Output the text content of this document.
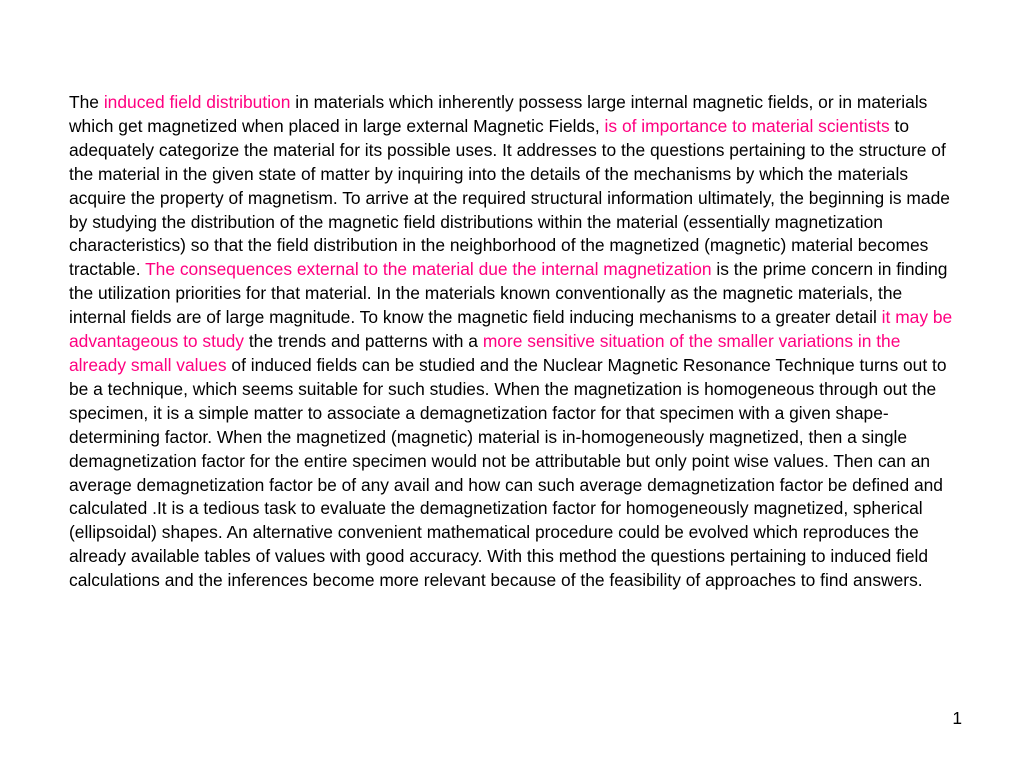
The induced field distribution in materials which inherently possess large internal magnetic fields, or in materials which get magnetized when placed in large external Magnetic Fields, is of importance to material scientists to adequately categorize the material for its possible uses. It addresses to the questions pertaining to the structure of the material in the given state of matter by inquiring into the details of the mechanisms by which the materials acquire the property of magnetism. To arrive at the required structural information ultimately, the beginning is made by studying the distribution of the magnetic field distributions within the material (essentially magnetization characteristics) so that the field distribution in the neighborhood of the magnetized (magnetic) material becomes tractable. The consequences external to the material due the internal magnetization is the prime concern in finding the utilization priorities for that material. In the materials known conventionally as the magnetic materials, the internal fields are of large magnitude. To know the magnetic field inducing mechanisms to a greater detail it may be advantageous to study the trends and patterns with a more sensitive situation of the smaller variations in the already small values of induced fields can be studied and the Nuclear Magnetic Resonance Technique turns out to be a technique, which seems suitable for such studies. When the magnetization is homogeneous through out the specimen, it is a simple matter to associate a demagnetization factor for that specimen with a given shape-determining factor. When the magnetized (magnetic) material is in-homogeneously magnetized, then a single demagnetization factor for the entire specimen would not be attributable but only point wise values. Then can an average demagnetization factor be of any avail and how can such average demagnetization factor be defined and calculated .It is a tedious task to evaluate the demagnetization factor for homogeneously magnetized, spherical (ellipsoidal) shapes. An alternative convenient mathematical procedure could be evolved which reproduces the already available tables of values with good accuracy. With this method the questions pertaining to induced field calculations and the inferences become more relevant because of the feasibility of approaches to find answers.

1
